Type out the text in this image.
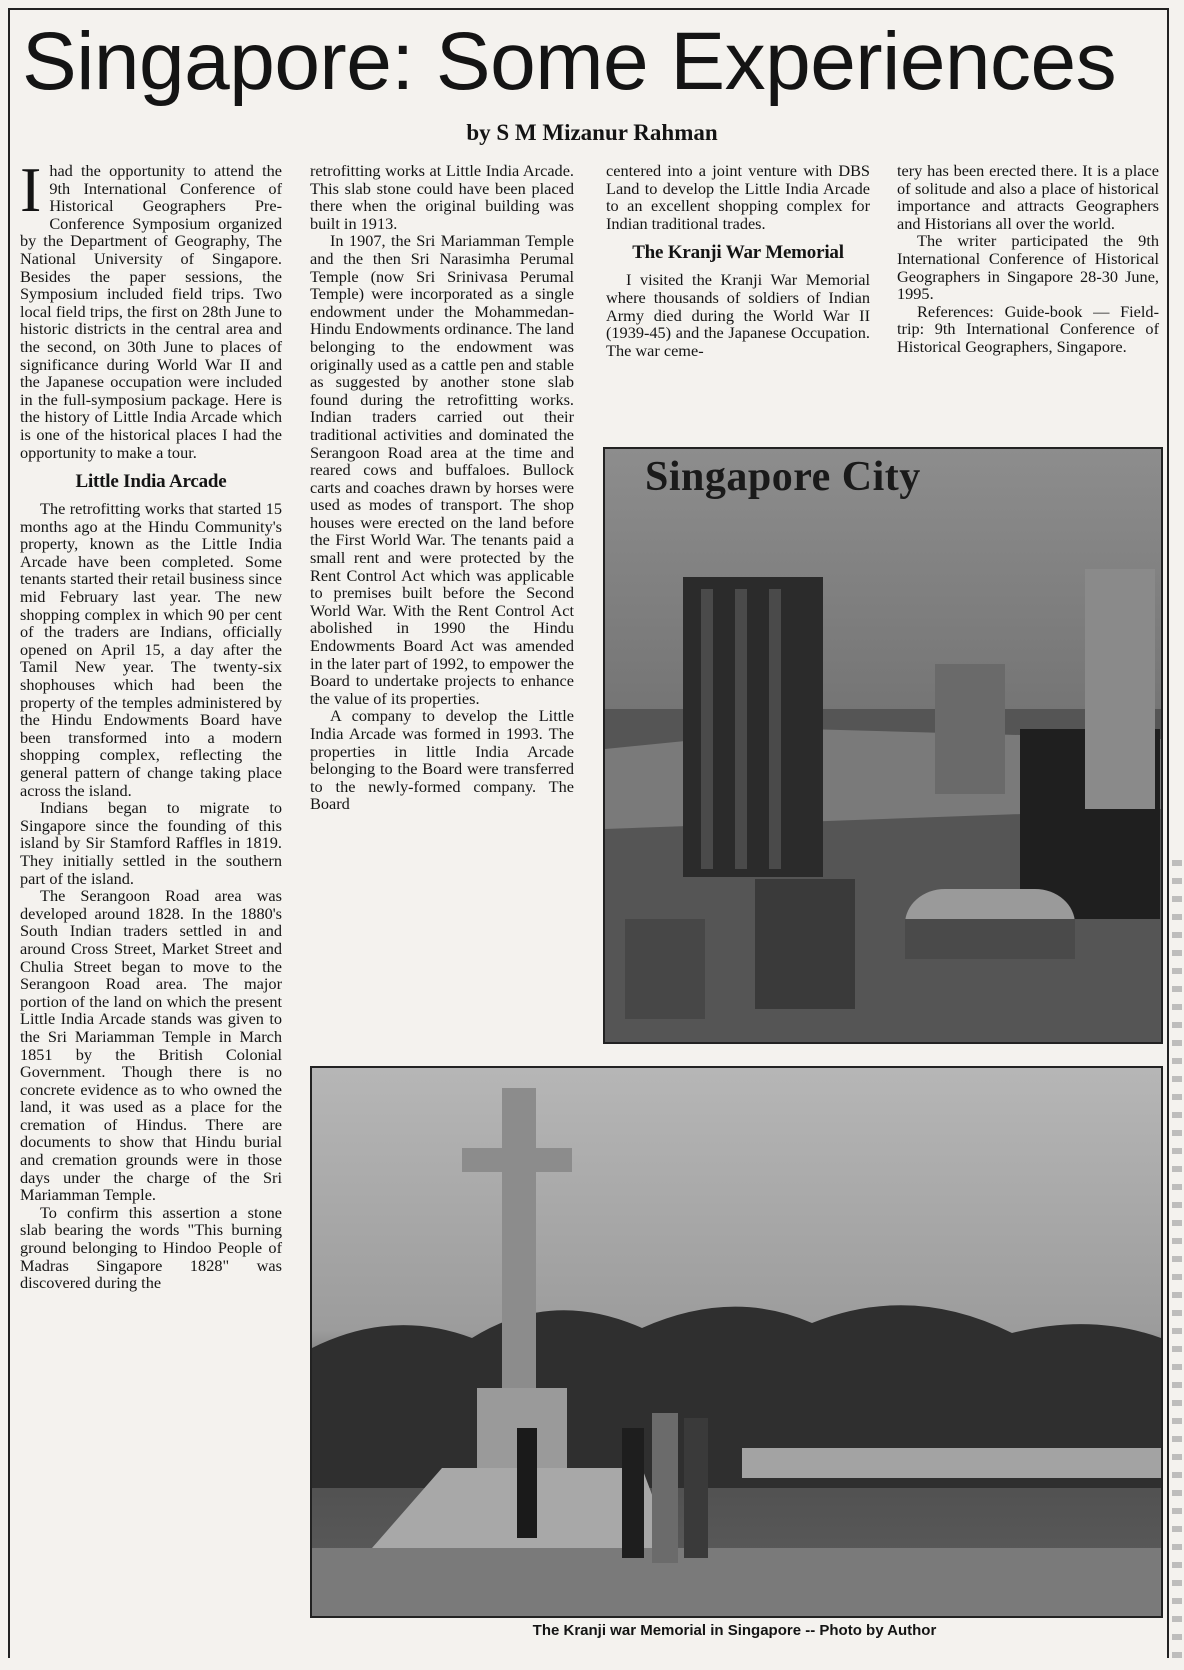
Singapore: Some Experiences
by S M Mizanur Rahman

Ihad the opportunity to attend the 9th International Conference of Historical Geographers Pre-Conference Symposium organized by the Department of Geography, The National University of Singapore. Besides the paper sessions, the Symposium included field trips. Two local field trips, the first on 28th June to historic districts in the central area and the second, on 30th June to places of significance during World War II and the Japanese occupation were included in the full-symposium package. Here is the history of Little India Arcade which is one of the historical places I had the opportunity to make a tour.

Little India Arcade

The retrofitting works that started 15 months ago at the Hindu Community's property, known as the Little India Arcade have been completed. Some tenants started their retail business since mid February last year. The new shopping complex in which 90 per cent of the traders are Indians, officially opened on April 15, a day after the Tamil New year. The twenty-six shophouses which had been the property of the temples administered by the Hindu Endowments Board have been transformed into a modern shopping complex, reflecting the general pattern of change taking place across the island.

Indians began to migrate to Singapore since the founding of this island by Sir Stamford Raffles in 1819. They initially settled in the southern part of the island.

The Serangoon Road area was developed around 1828. In the 1880's South Indian traders settled in and around Cross Street, Market Street and Chulia Street began to move to the Serangoon Road area. The major portion of the land on which the present Little India Arcade stands was given to the Sri Mariamman Temple in March 1851 by the British Colonial Government. Though there is no concrete evidence as to who owned the land, it was used as a place for the cremation of Hindus. There are documents to show that Hindu burial and cremation grounds were in those days under the charge of the Sri Mariamman Temple.

To confirm this assertion a stone slab bearing the words "This burning ground belonging to Hindoo People of Madras Singapore 1828" was discovered during the

retrofitting works at Little India Arcade. This slab stone could have been placed there when the original building was built in 1913.

In 1907, the Sri Mariamman Temple and the then Sri Narasimha Perumal Temple (now Sri Srinivasa Perumal Temple) were incorporated as a single endowment under the Mohammedan-Hindu Endowments ordinance. The land belonging to the endowment was originally used as a cattle pen and stable as suggested by another stone slab found during the retrofitting works. Indian traders carried out their traditional activities and dominated the Serangoon Road area at the time and reared cows and buffaloes. Bullock carts and coaches drawn by horses were used as modes of transport. The shop houses were erected on the land before the First World War. The tenants paid a small rent and were protected by the Rent Control Act which was applicable to premises built before the Second World War. With the Rent Control Act abolished in 1990 the Hindu Endowments Board Act was amended in the later part of 1992, to empower the Board to undertake projects to enhance the value of its properties.

A company to develop the Little India Arcade was formed in 1993. The properties in little India Arcade belonging to the Board were transferred to the newly-formed company. The Board

centered into a joint venture with DBS Land to develop the Little India Arcade to an excellent shopping complex for Indian traditional trades.

The Kranji War Memorial

I visited the Kranji War Memorial where thousands of soldiers of Indian Army died during the World War II (1939-45) and the Japanese Occupation. The war ceme-

tery has been erected there. It is a place of solitude and also a place of historical importance and attracts Geographers and Historians all over the world.

The writer participated the 9th International Conference of Historical Geographers in Singapore 28-30 June, 1995.

References: Guide-book — Field-trip: 9th International Conference of Historical Geographers, Singapore.

Singapore City
The Kranji war Memorial in Singapore -- Photo by Author
